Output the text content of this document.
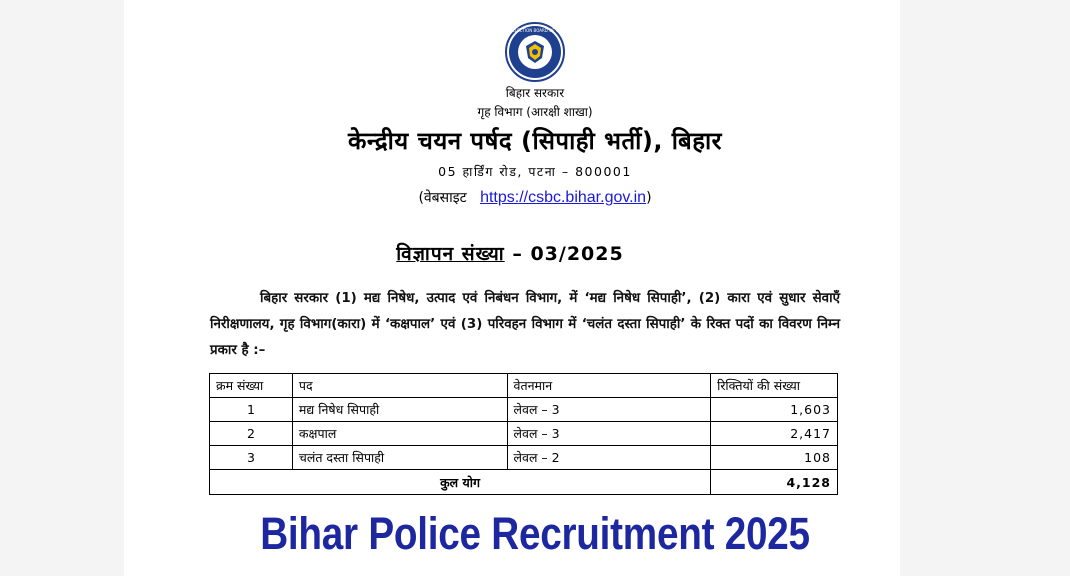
CENTRAL SELECTION BOARD OF CONSTABLE
बिहार सरकार
गृह विभाग (आरक्षी शाखा)
केन्द्रीय चयन पर्षद (सिपाही भर्ती), बिहार
05 हार्डिंग रोड, पटना – 800001
(वेबसाइट https://csbc.bihar.gov.in)
विज्ञापन संख्या – 03/2025
बिहार सरकार (1) मद्य निषेध, उत्पाद एवं निबंधन विभाग, में ‘मद्य निषेध सिपाही’, (2) कारा एवं सुधार सेवाएँ निरीक्षणालय, गृह विभाग(कारा) में ‘कक्षपाल’ एवं (3) परिवहन विभाग में ‘चलंत दस्ता सिपाही’ के रिक्त पदों का विवरण निम्न प्रकार है :–
क्रम संख्या	पद	वेतनमान	रिक्तियों की संख्या
1	मद्य निषेध सिपाही	लेवल – 3	1,603
2	कक्षपाल	लेवल – 3	2,417
3	चलंत दस्ता सिपाही	लेवल – 2	108
कुल योग			4,128
Bihar Police Recruitment 2025
